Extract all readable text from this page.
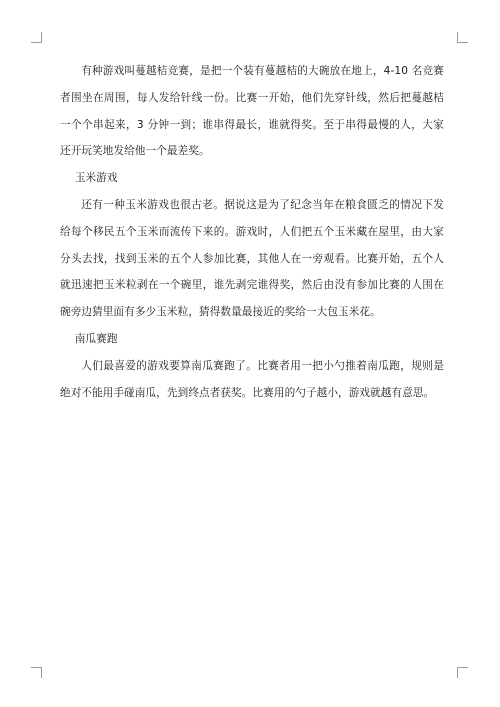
有种游戏叫蔓越桔竞赛，是把一个装有蔓越桔的大碗放在地上，4-10 名竞赛者围坐在周围，每人发给针线一份。比赛一开始，他们先穿针线，然后把蔓越桔一个个串起来，3 分钟一到；谁串得最长，谁就得奖。至于串得最慢的人，大家还开玩笑地发给他一个最差奖。

玉米游戏

还有一种玉米游戏也很古老。据说这是为了纪念当年在粮食匮乏的情况下发给每个移民五个玉米而流传下来的。游戏时，人们把五个玉米藏在屋里，由大家分头去找，找到玉米的五个人参加比赛，其他人在一旁观看。比赛开始，五个人就迅速把玉米粒剥在一个碗里，谁先剥完谁得奖，然后由没有参加比赛的人围在碗旁边猜里面有多少玉米粒，猜得数量最接近的奖给一大包玉米花。

南瓜赛跑

人们最喜爱的游戏要算南瓜赛跑了。比赛者用一把小勺推着南瓜跑，规则是绝对不能用手碰南瓜，先到终点者获奖。比赛用的勺子越小，游戏就越有意思。
